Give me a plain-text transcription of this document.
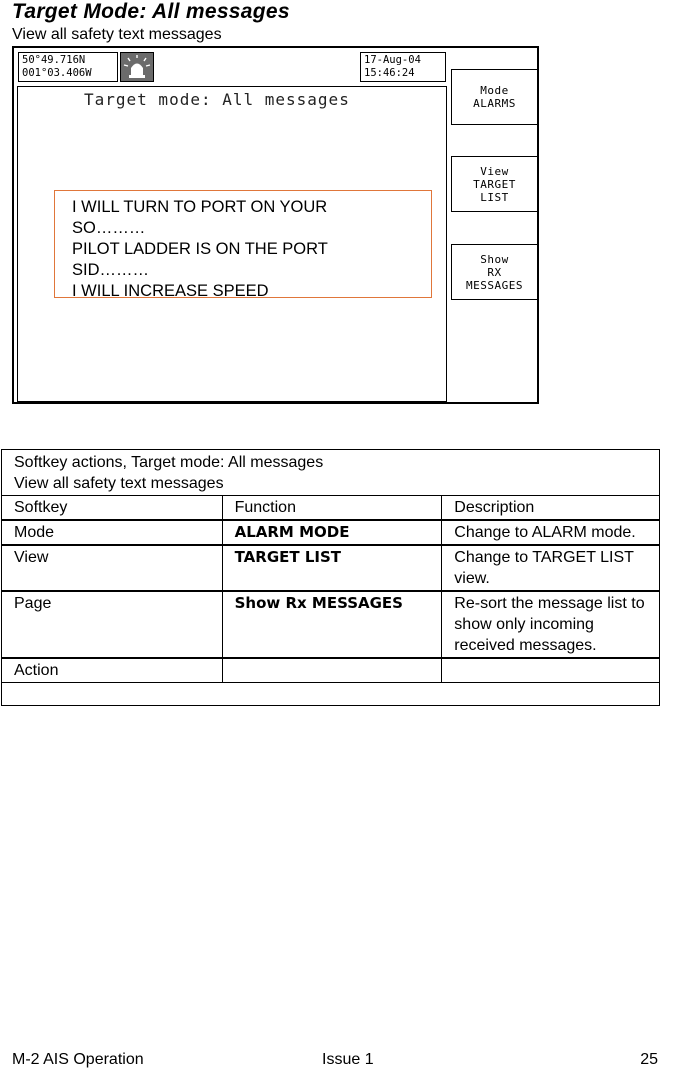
Target Mode: All messages
View all safety text messages
50°49.716N
001°03.406W
17-Aug-04
15:46:24
Target mode: All messages
I WILL TURN TO PORT ON YOUR
SO………
PILOT LADDER IS ON THE PORT
SID………
I WILL INCREASE SPEED
Mode
ALARMS
View
TARGET
LIST
Show
RX
MESSAGES
Softkey actions, Target mode: All messages
View all safety text messages		

Softkey	Function	Description
Mode	ALARM MODE	Change to ALARM mode.
View	TARGET LIST	Change to TARGET LIST view.
Page	Show Rx MESSAGES	Re-sort the message list to show only incoming received messages.
Action		

M-2 AIS Operation	Issue 1	25
